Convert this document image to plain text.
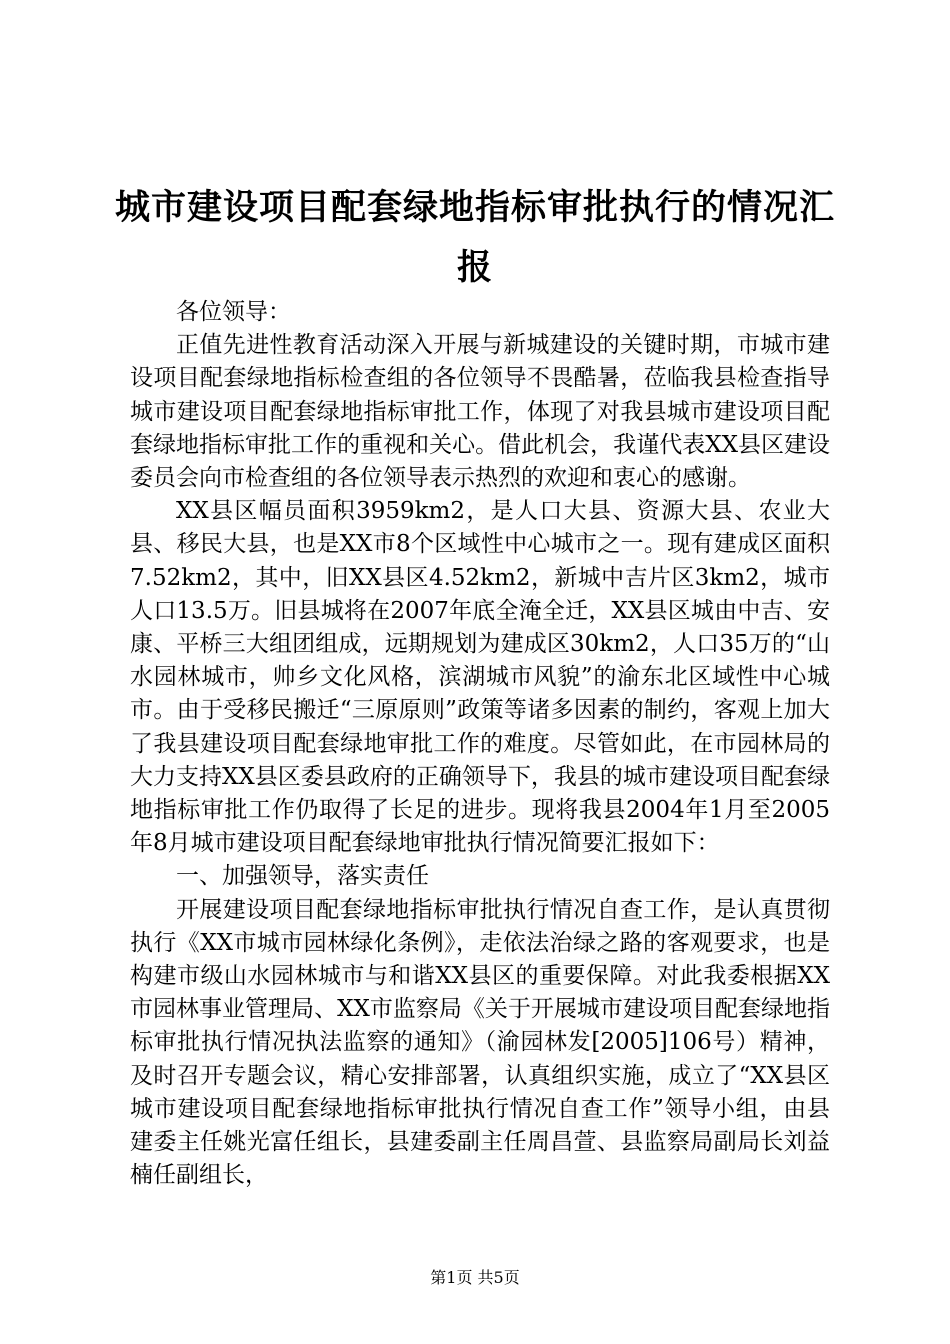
城市建设项目配套绿地指标审批执行的情况汇报

各位领导：

正值先进性教育活动深入开展与新城建设的关键时期，市城市建设项目配套绿地指标检查组的各位领导不畏酷暑，莅临我县检查指导城市建设项目配套绿地指标审批工作，体现了对我县城市建设项目配套绿地指标审批工作的重视和关心。借此机会，我谨代表XX县区建设委员会向市检查组的各位领导表示热烈的欢迎和衷心的感谢。

XX县区幅员面积3959km2，是人口大县、资源大县、农业大县、移民大县，也是XX市8个区域性中心城市之一。现有建成区面积7.52km2，其中，旧XX县区4.52km2，新城中吉片区3km2，城市人口13.5万。旧县城将在2007年底全淹全迁，XX县区城由中吉、安康、平桥三大组团组成，远期规划为建成区30km2，人口35万的“山水园林城市，帅乡文化风格，滨湖城市风貌”的渝东北区域性中心城市。由于受移民搬迁“三原原则”政策等诸多因素的制约，客观上加大了我县建设项目配套绿地审批工作的难度。尽管如此，在市园林局的大力支持XX县区委县政府的正确领导下，我县的城市建设项目配套绿地指标审批工作仍取得了长足的进步。现将我县2004年1月至2005年8月城市建设项目配套绿地审批执行情况简要汇报如下：

一、加强领导，落实责任

开展建设项目配套绿地指标审批执行情况自查工作，是认真贯彻执行《XX市城市园林绿化条例》，走依法治绿之路的客观要求，也是构建市级山水园林城市与和谐XX县区的重要保障。对此我委根据XX市园林事业管理局、XX市监察局《关于开展城市建设项目配套绿地指标审批执行情况执法监察的通知》（渝园林发[2005]106号）精神，及时召开专题会议，精心安排部署，认真组织实施，成立了“XX县区城市建设项目配套绿地指标审批执行情况自查工作”领导小组，由县建委主任姚光富任组长，县建委副主任周昌萱、县监察局副局长刘益楠任副组长，

第1页 共5页
